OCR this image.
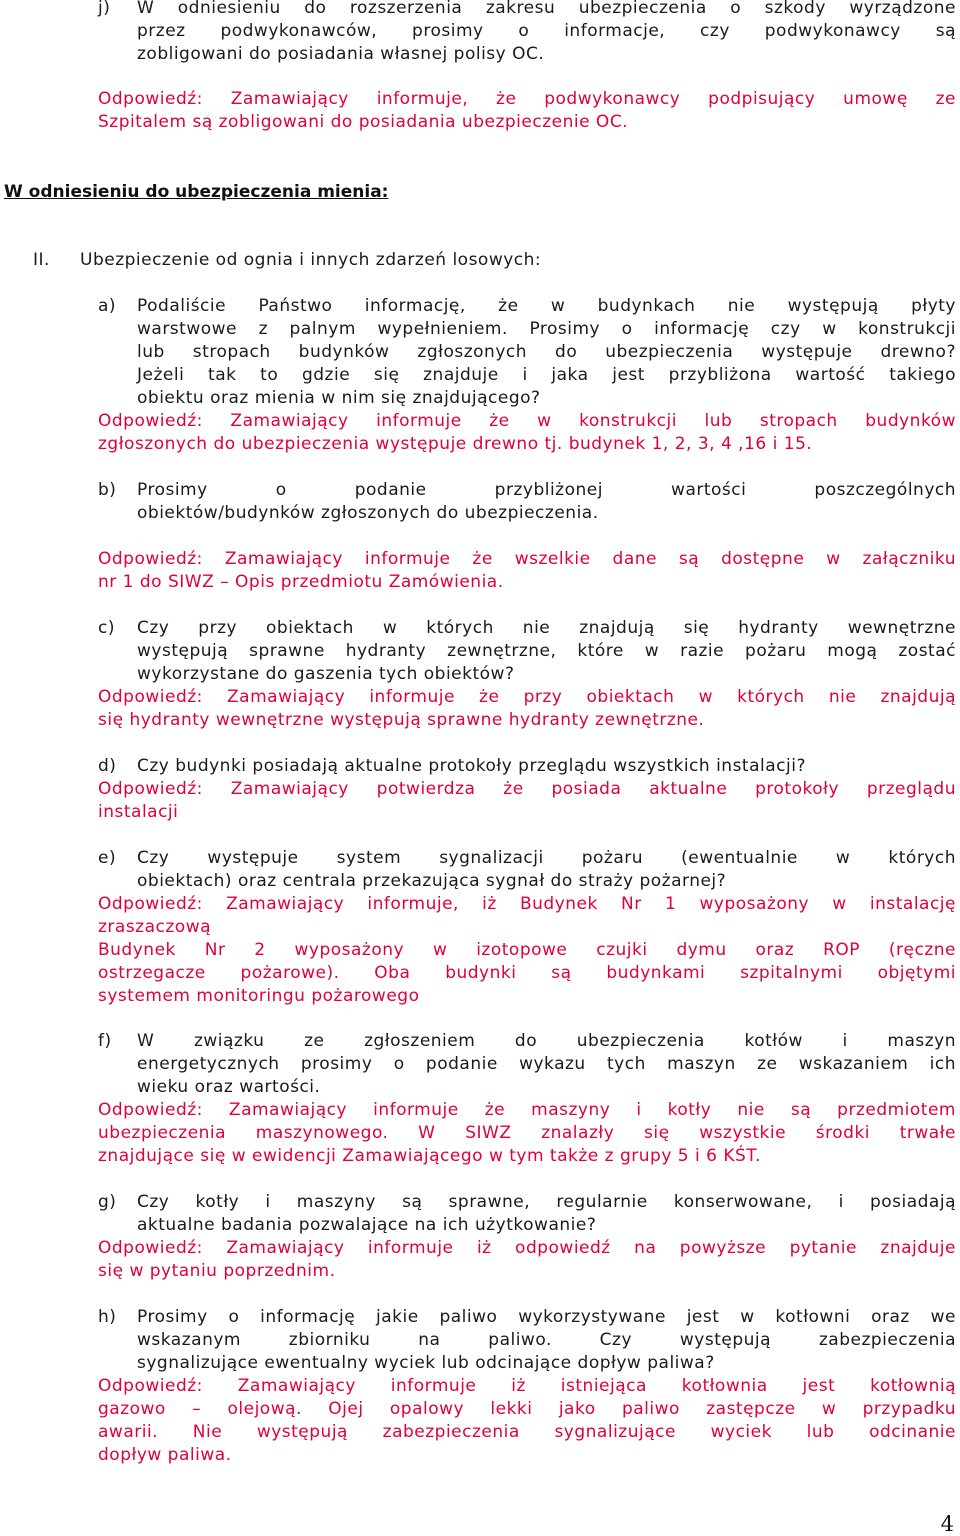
j) W odniesieniu do rozszerzenia zakresu ubezpieczenia o szkody wyrządzone
przez podwykonawców, prosimy o informacje, czy podwykonawcy są
zobligowani do posiadania własnej polisy OC.
Odpowiedź: Zamawiający informuje, że podwykonawcy podpisujący umowę ze
Szpitalem są zobligowani do posiadania ubezpieczenie OC.
W odniesieniu do ubezpieczenia mienia:
II. Ubezpieczenie od ognia i innych zdarzeń losowych:
a) Podaliście Państwo informację, że w budynkach nie występują płyty
warstwowe z palnym wypełnieniem. Prosimy o informację czy w konstrukcji
lub stropach budynków zgłoszonych do ubezpieczenia występuje drewno?
Jeżeli tak to gdzie się znajduje i jaka jest przybliżona wartość takiego
obiektu oraz mienia w nim się znajdującego?
Odpowiedź: Zamawiający informuje że w konstrukcji lub stropach budynków
zgłoszonych do ubezpieczenia występuje drewno tj. budynek 1, 2, 3, 4 ,16 i 15.
b) Prosimy o podanie przybliżonej wartości poszczególnych
obiektów/budynków zgłoszonych do ubezpieczenia.
Odpowiedź: Zamawiający informuje że wszelkie dane są dostępne w załączniku
nr 1 do SIWZ – Opis przedmiotu Zamówienia.
c) Czy przy obiektach w których nie znajdują się hydranty wewnętrzne
występują sprawne hydranty zewnętrzne, które w razie pożaru mogą zostać
wykorzystane do gaszenia tych obiektów?
Odpowiedź: Zamawiający informuje że przy obiektach w których nie znajdują
się hydranty wewnętrzne występują sprawne hydranty zewnętrzne.
d) Czy budynki posiadają aktualne protokoły przeglądu wszystkich instalacji?
Odpowiedź: Zamawiający potwierdza że posiada aktualne protokoły przeglądu
instalacji
e) Czy występuje system sygnalizacji pożaru (ewentualnie w których
obiektach) oraz centrala przekazująca sygnał do straży pożarnej?
Odpowiedź: Zamawiający informuje, iż Budynek Nr 1 wyposażony w instalację
zraszaczową
Budynek Nr 2 wyposażony w izotopowe czujki dymu oraz ROP (ręczne
ostrzegacze pożarowe). Oba budynki są budynkami szpitalnymi objętymi
systemem monitoringu pożarowego
f) W związku ze zgłoszeniem do ubezpieczenia kotłów i maszyn
energetycznych prosimy o podanie wykazu tych maszyn ze wskazaniem ich
wieku oraz wartości.
Odpowiedź: Zamawiający informuje że maszyny i kotły nie są przedmiotem
ubezpieczenia maszynowego. W SIWZ znalazły się wszystkie środki trwałe
znajdujące się w ewidencji Zamawiającego w tym także z grupy 5 i 6 KŚT.
g) Czy kotły i maszyny są sprawne, regularnie konserwowane, i posiadają
aktualne badania pozwalające na ich użytkowanie?
Odpowiedź: Zamawiający informuje iż odpowiedź na powyższe pytanie znajduje
się w pytaniu poprzednim.
h) Prosimy o informację jakie paliwo wykorzystywane jest w kotłowni oraz we
wskazanym zbiorniku na paliwo. Czy występują zabezpieczenia
sygnalizujące ewentualny wyciek lub odcinające dopływ paliwa?
Odpowiedź: Zamawiający informuje iż istniejąca kotłownia jest kotłownią
gazowo – olejową. Ojej opalowy lekki jako paliwo zastępcze w przypadku
awarii. Nie występują zabezpieczenia sygnalizujące wyciek lub odcinanie
dopływ paliwa.
4
